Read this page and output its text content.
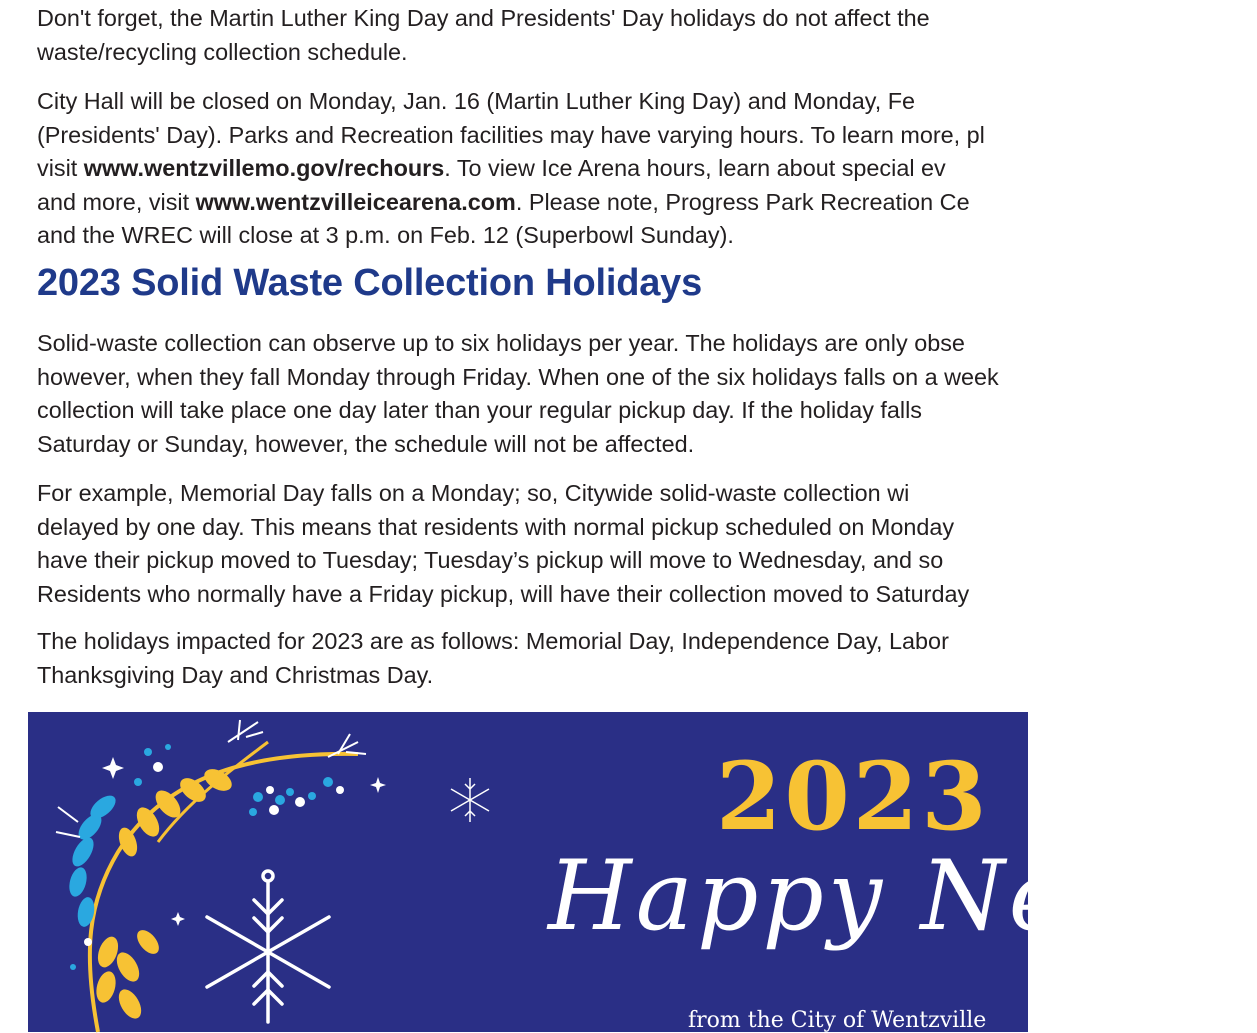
Don't forget, the Martin Luther King Day and Presidents' Day holidays do not affect the
waste/recycling collection schedule.

City Hall will be closed on Monday, Jan. 16 (Martin Luther King Day) and Monday, Fe
(Presidents' Day). Parks and Recreation facilities may have varying hours. To learn more, pl
visit www.wentzvillemo.gov/rechours. To view Ice Arena hours, learn about special ev
and more, visit www.wentzvilleicearena.com. Please note, Progress Park Recreation Ce
and the WREC will close at 3 p.m. on Feb. 12 (Superbowl Sunday).

2023 Solid Waste Collection Holidays

Solid-waste collection can observe up to six holidays per year. The holidays are only obse
however, when they fall Monday through Friday. When one of the six holidays falls on a week
collection will take place one day later than your regular pickup day. If the holiday falls
Saturday or Sunday, however, the schedule will not be affected.

For example, Memorial Day falls on a Monday; so, Citywide solid-waste collection wi
delayed by one day. This means that residents with normal pickup scheduled on Monday
have their pickup moved to Tuesday; Tuesday’s pickup will move to Wednesday, and so
Residents who normally have a Friday pickup, will have their collection moved to Saturday

The holidays impacted for 2023 are as follows: Memorial Day, Independence Day, Labor
Thanksgiving Day and Christmas Day.

2023
Happy New Y
from the City of Wentzville
